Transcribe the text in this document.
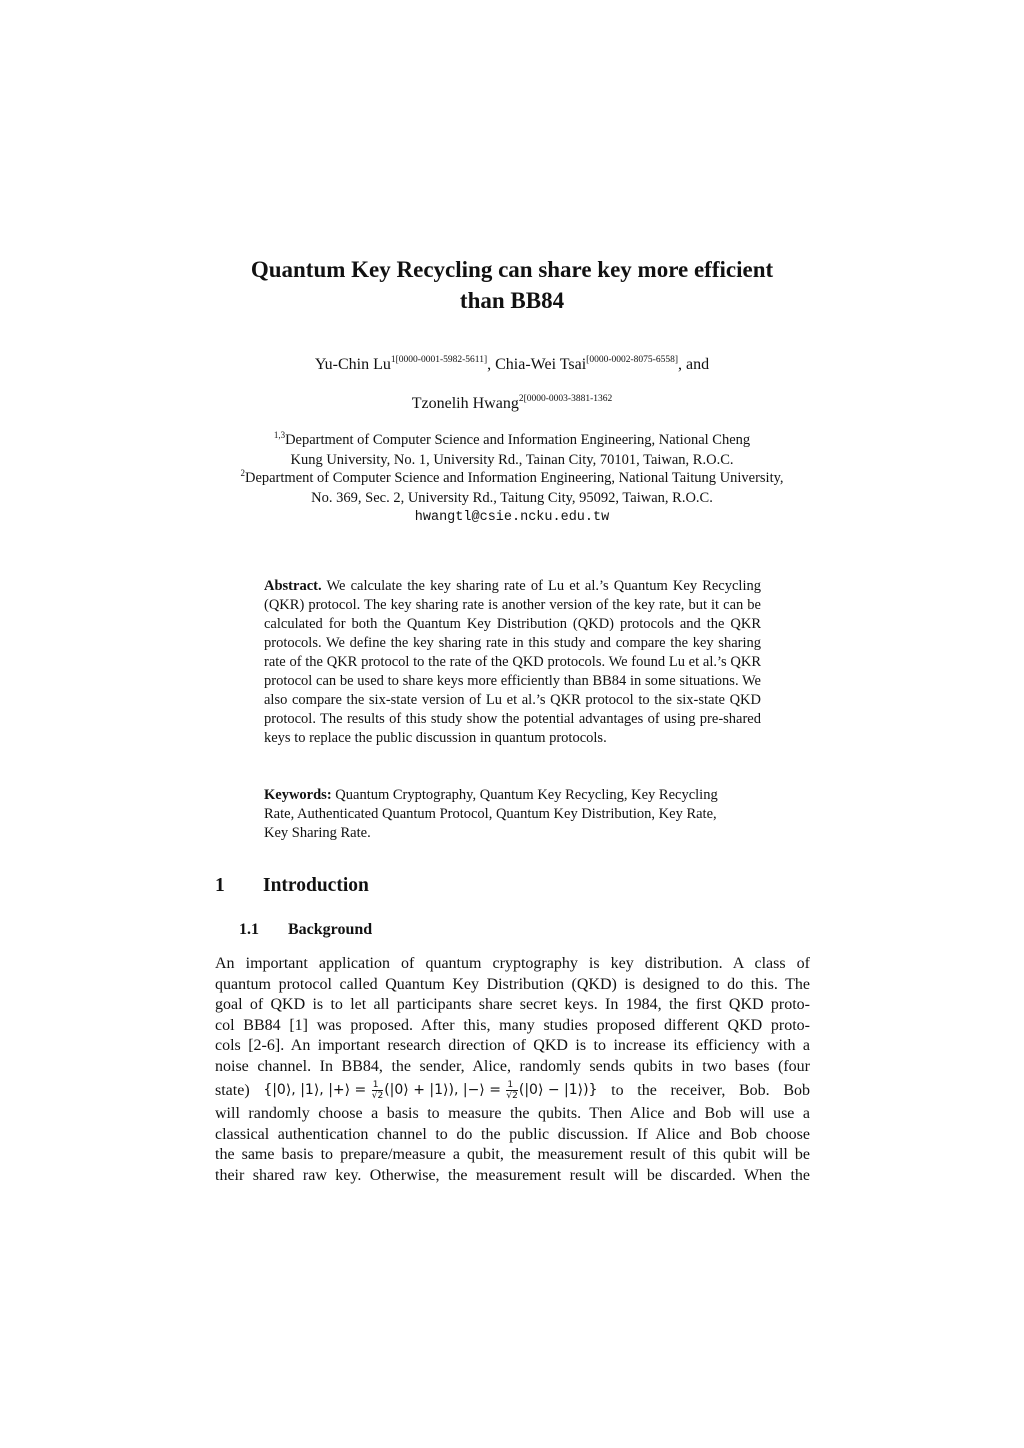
Quantum Key Recycling can share key more efficient
than BB84
Yu-Chin $Lu^{1[0000-0001-5982-5611]}$, Chia-Wei Tsai[0000-0002-8075-6558], and
Tzonelih Hwang$^{2[0000-0003-3881-1362}$
$^{1,3}$Department of Computer Science and Information Engineering, National Cheng
Kung University, No. 1, University Rd., Tainan City, 70101, Taiwan, R.O.C.
$^2$Department of Computer Science and Information Engineering, National Taitung University,
No. 369, Sec. 2, University Rd., Taitung City, 95092, Taiwan, R.O.C.
hwangtl@csie.ncku.edu.tw
Abstract. We calculate the key sharing rate of Lu et al.’s Quantum Key Recycling (QKR) protocol. The key sharing rate is another version of the key rate, but it can be calculated for both the Quantum Key Distribution (QKD) protocols and the QKR protocols. We define the key sharing rate in this study and compare the key sharing rate of the QKR protocol to the rate of the QKD protocols. We found Lu et al.’s QKR protocol can be used to share keys more efficiently than BB84 in some situations. We also compare the six-state version of Lu et al.’s QKR protocol to the six-state QKD protocol. The results of this study show the potential advantages of using pre-shared keys to replace the public discussion in quantum protocols.
Keywords: Quantum Cryptography, Quantum Key Recycling, Key Recycling
Rate, Authenticated Quantum Protocol, Quantum Key Distribution, Key Rate,
Key Sharing Rate.
1 Introduction
1.1 Background
An important application of quantum cryptography is key distribution. A class of
quantum protocol called Quantum Key Distribution (QKD) is designed to do this. The
goal of QKD is to let all participants share secret keys. In 1984, the first QKD proto-
col BB84 [1] was proposed. After this, many studies proposed different QKD proto-
cols [2-6]. An important research direction of QKD is to increase its efficiency with a
noise channel. In BB84, the sender, Alice, randomly sends qubits in two bases (four
state) {|0⟩, |1⟩, |+⟩ = $\frac{1}{√2}$ (|0⟩ + |1⟩), |−⟩ = $\frac{1}{√2}$ (|0⟩ − |1⟩)} to the receiver, Bob. Bob
will randomly choose a basis to measure the qubits. Then Alice and Bob will use a
classical authentication channel to do the public discussion. If Alice and Bob choose
the same basis to prepare/measure a qubit, the measurement result of this qubit will be
their shared raw key. Otherwise, the measurement result will be discarded. When the
